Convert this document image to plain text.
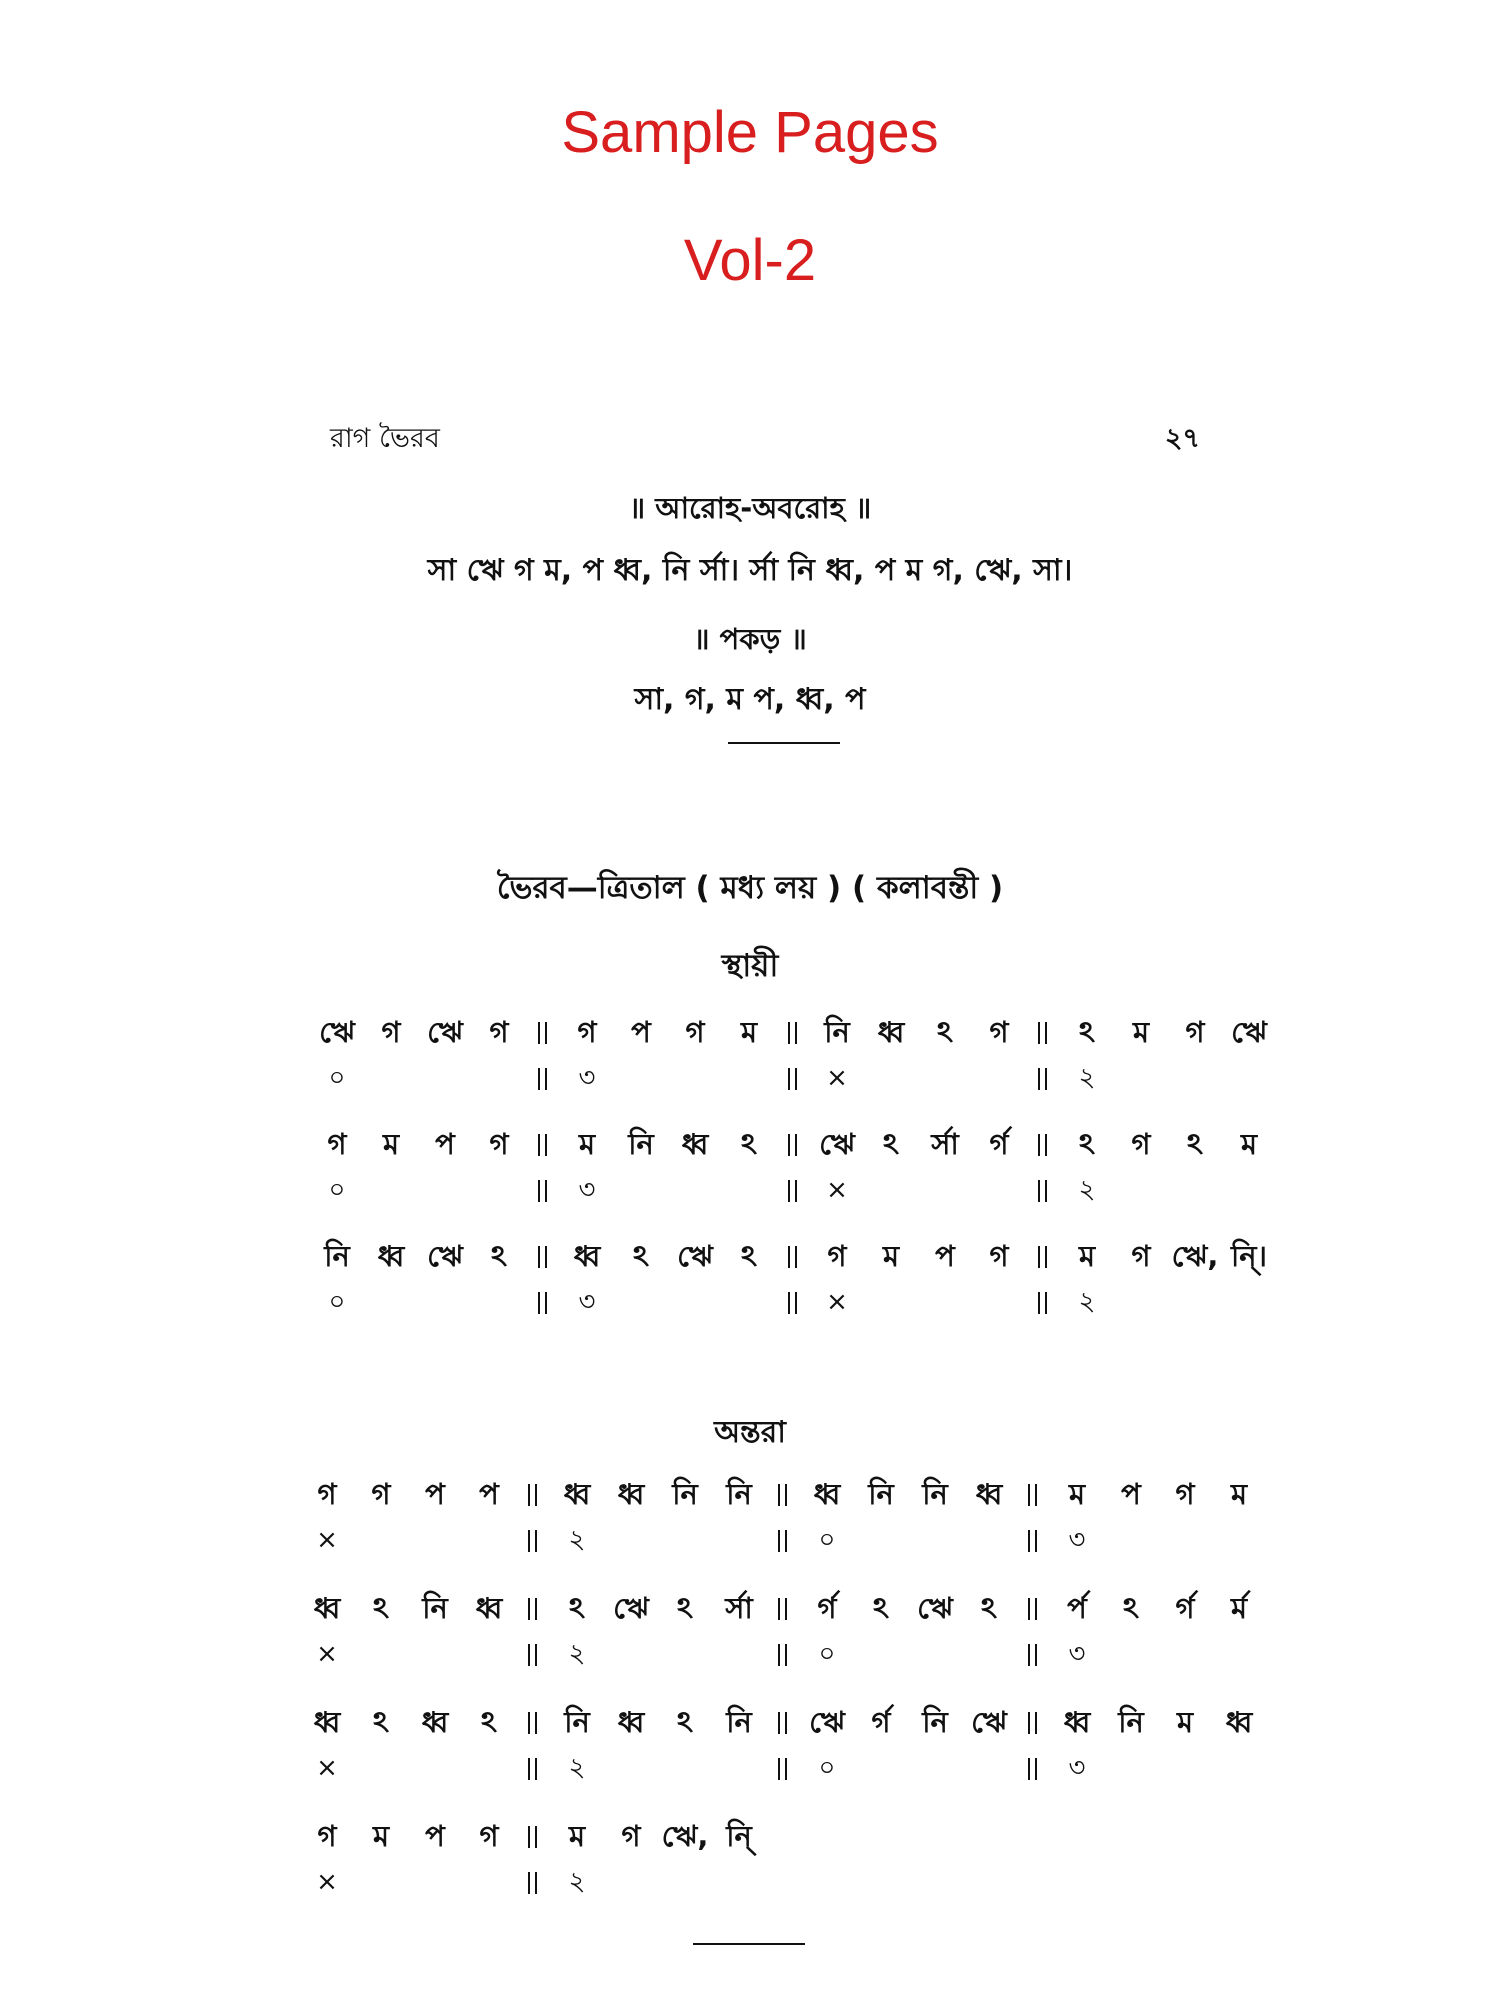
Sample Pages
Vol-2
রাগ ভৈরব	২৭
॥ আরোহ-অবরোহ ॥
সা ঋে গ ম, প ধ্ব, নি র্সা। র্সা নি ধ্ব, প ম গ, ঋে, সা।
॥ পকড় ॥
সা, গ, ম প, ধ্ব, প
ভৈরব—ত্রিতাল ( মধ্য লয় ) ( কলাবন্তী )
স্থায়ী
ঋে গ ঋে গ	গ	প	গ	ম	নি ধ্ব	ঽ	গ	ঽ	ম	গ ঋে
০	৩	×	২
গ	ম	প	গ	ম	নি ধ্ব	ঽ	ঋে ঽ	র্সা	র্গ	ঽ	গ	ঽ	ম
০	৩	×	২
নি ধ্ব ঋে ঽ	ধ্ব	ঽ ঋে ঽ	গ	ম	প	গ	ম	গ ঋে, নি্।
০	৩	×	২
অন্তরা
গ	গ	প	প	ধ্ব ধ্ব নি নি	ধ্ব নি নি ধ্ব	ম	প	গ	ম
×	২	০	৩
ধ্ব	ঽ	নি ধ্ব	ঽ ঋে ঽ	র্সা	র্গ	ঽ ঋে ঽ	র্প	ঽ	র্গ	র্ম
×	২	০	৩
ধ্ব	ঽ	ধ্ব	ঽ	নি ধ্ব	ঽ	নি	ঋে র্গ	নি ঋে	ধ্ব নি	ম	ধ্ব
×	২	০	৩
গ	ম	প	গ	ম	গ ঋে, নি্
×	২
